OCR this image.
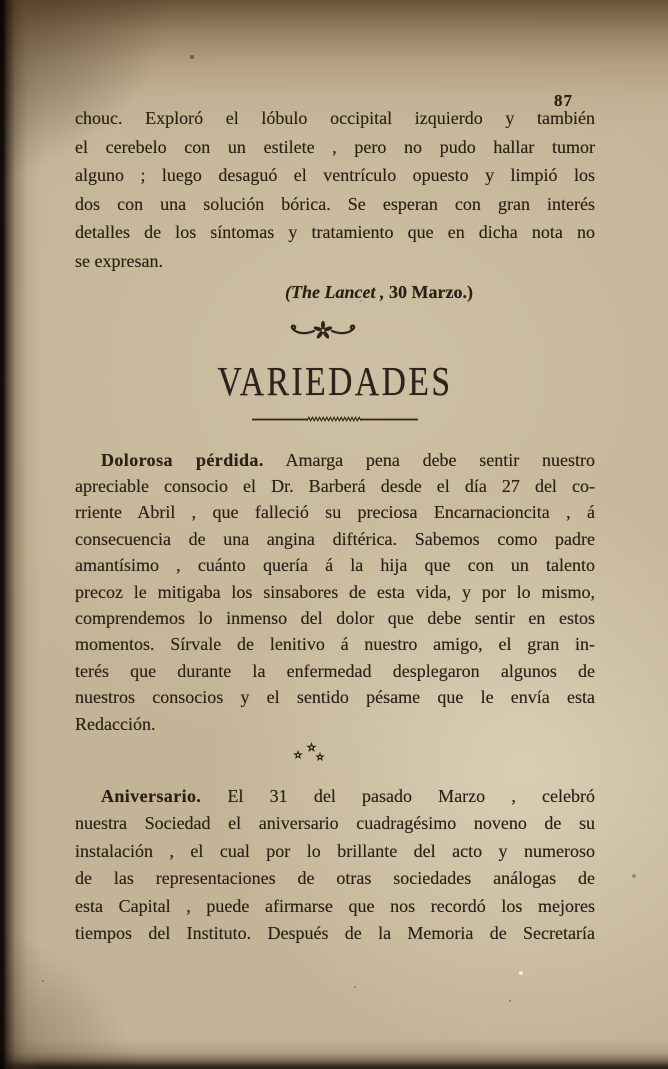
87
chouc. Exploró el lóbulo occipital izquierdo y también
el cerebelo con un estilete , pero no pudo hallar tumor
alguno ; luego desaguó el ventrículo opuesto y limpió los
dos con una solución bórica. Se esperan con gran interés
detalles de los síntomas y tratamiento que en dicha nota no
se expresan.
(The Lancet , 30 Marzo.)
VARIEDADES
Dolorosa pérdida. Amarga pena debe sentir nuestro
apreciable consocio el Dr. Barberá desde el día 27 del co-
rriente Abril , que falleció su preciosa Encarnacioncita , á
consecuencia de una angina diftérica. Sabemos como padre
amantísimo , cuánto quería á la hija que con un talento
precoz le mitigaba los sinsabores de esta vida, y por lo mismo,
comprendemos lo inmenso del dolor que debe sentir en estos
momentos. Sírvale de lenitivo á nuestro amigo, el gran in-
terés que durante la enfermedad desplegaron algunos de
nuestros consocios y el sentido pésame que le envía esta
Redacción.
Aniversario. El 31 del pasado Marzo , celebró
nuestra Sociedad el aniversario cuadragésimo noveno de su
instalación , el cual por lo brillante del acto y numeroso
de las representaciones de otras sociedades análogas de
esta Capital , puede afirmarse que nos recordó los mejores
tiempos del Instituto. Después de la Memoria de Secretaría
